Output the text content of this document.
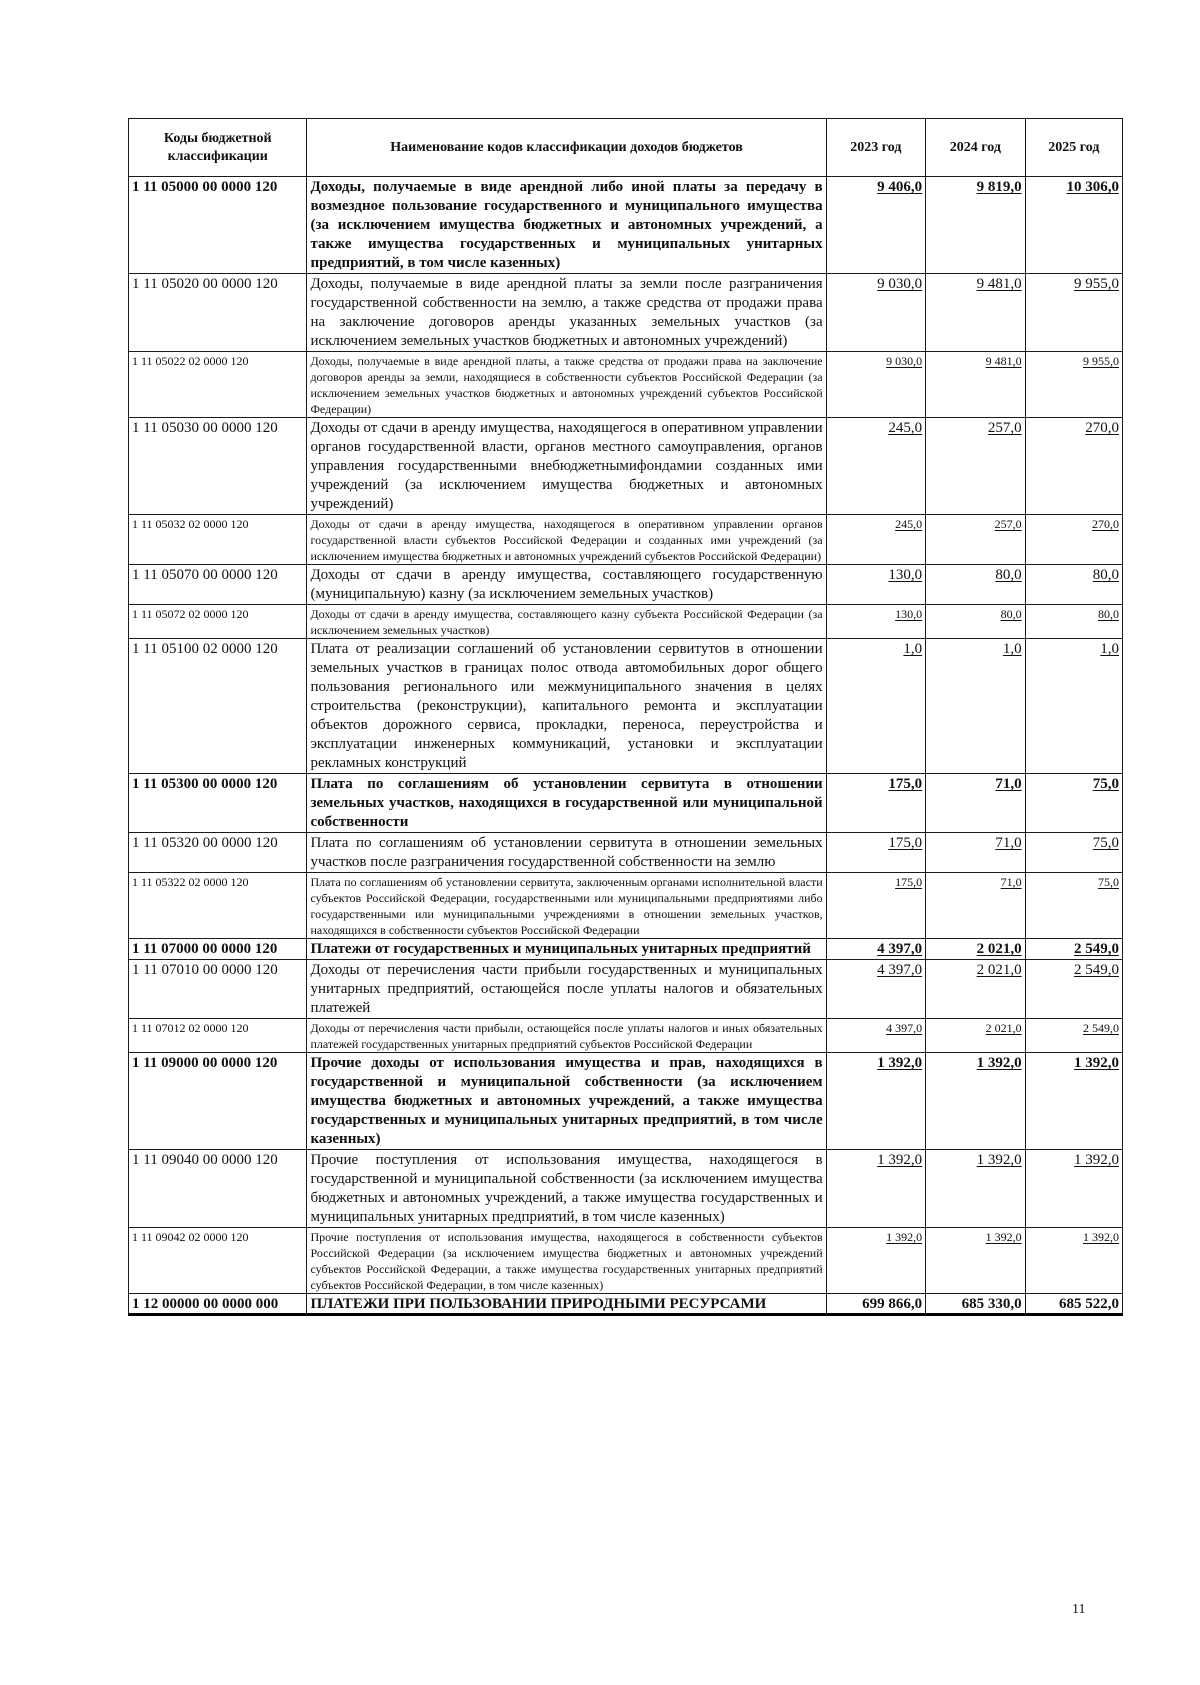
Коды бюджетной классификации	Наименование кодов классификации доходов бюджетов	2023 год	2024 год	2025 год
1 11 05000 00 0000 120	Доходы, получаемые в виде арендной либо иной платы за передачу в возмездное пользование государственного и муниципального имущества (за исключением имущества бюджетных и автономных учреждений, а также имущества государственных и муниципальных унитарных предприятий, в том числе казенных)	9 406,0	9 819,0	10 306,0
1 11 05020 00 0000 120	Доходы, получаемые в виде арендной платы за земли после разграничения государственной собственности на землю, а также средства от продажи права на заключение договоров аренды указанных земельных участков (за исключением земельных участков бюджетных и автономных учреждений)	9 030,0	9 481,0	9 955,0
1 11 05022 02 0000 120	Доходы, получаемые в виде арендной платы, а также средства от продажи права на заключение договоров аренды за земли, находящиеся в собственности субъектов Российской Федерации (за исключением земельных участков бюджетных и автономных учреждений субъектов Российской Федерации)	9 030,0	9 481,0	9 955,0
1 11 05030 00 0000 120	Доходы от сдачи в аренду имущества, находящегося в оперативном управлении органов государственной власти, органов местного самоуправления, органов управления государственными внебюджетнымифондамии созданных ими учреждений (за исключением имущества бюджетных и автономных учреждений)	245,0	257,0	270,0
1 11 05032 02 0000 120	Доходы от сдачи в аренду имущества, находящегося в оперативном управлении органов государственной власти субъектов Российской Федерации и созданных ими учреждений (за исключением имущества бюджетных и автономных учреждений субъектов Российской Федерации)	245,0	257,0	270,0
1 11 05070 00 0000 120	Доходы от сдачи в аренду имущества, составляющего государственную (муниципальную) казну (за исключением земельных участков)	130,0	80,0	80,0
1 11 05072 02 0000 120	Доходы от сдачи в аренду имущества, составляющего казну субъекта Российской Федерации (за исключением земельных участков)	130,0	80,0	80,0
1 11 05100 02 0000 120	Плата от реализации соглашений об установлении сервитутов в отношении земельных участков в границах полос отвода автомобильных дорог общего пользования регионального или межмуниципального значения в целях строительства (реконструкции), капитального ремонта и эксплуатации объектов дорожного сервиса, прокладки, переноса, переустройства и эксплуатации инженерных коммуникаций, установки и эксплуатации рекламных конструкций	1,0	1,0	1,0
1 11 05300 00 0000 120	Плата по соглашениям об установлении сервитута в отношении земельных участков, находящихся в государственной или муниципальной собственности	175,0	71,0	75,0
1 11 05320 00 0000 120	Плата по соглашениям об установлении сервитута в отношении земельных участков после разграничения государственной собственности на землю	175,0	71,0	75,0
1 11 05322 02 0000 120	Плата по соглашениям об установлении сервитута, заключенным органами исполнительной власти субъектов Российской Федерации, государственными или муниципальными предприятиями либо государственными или муниципальными учреждениями в отношении земельных участков, находящихся в собственности субъектов Российской Федерации	175,0	71,0	75,0
1 11 07000 00 0000 120	Платежи от государственных и муниципальных унитарных предприятий	4 397,0	2 021,0	2 549,0
1 11 07010 00 0000 120	Доходы от перечисления части прибыли государственных и муниципальных унитарных предприятий, остающейся после уплаты налогов и обязательных платежей	4 397,0	2 021,0	2 549,0
1 11 07012 02 0000 120	Доходы от перечисления части прибыли, остающейся после уплаты налогов и иных обязательных платежей государственных унитарных предприятий субъектов Российской Федерации	4 397,0	2 021,0	2 549,0
1 11 09000 00 0000 120	Прочие доходы от использования имущества и прав, находящихся в государственной и муниципальной собственности (за исключением имущества бюджетных и автономных учреждений, а также имущества государственных и муниципальных унитарных предприятий, в том числе казенных)	1 392,0	1 392,0	1 392,0
1 11 09040 00 0000 120	Прочие поступления от использования имущества, находящегося в государственной и муниципальной собственности (за исключением имущества бюджетных и автономных учреждений, а также имущества государственных и муниципальных унитарных предприятий, в том числе казенных)	1 392,0	1 392,0	1 392,0
1 11 09042 02 0000 120	Прочие поступления от использования имущества, находящегося в собственности субъектов Российской Федерации (за исключением имущества бюджетных и автономных учреждений субъектов Российской Федерации, а также имущества государственных унитарных предприятий субъектов Российской Федерации, в том числе казенных)	1 392,0	1 392,0	1 392,0
1 12 00000 00 0000 000	ПЛАТЕЖИ ПРИ ПОЛЬЗОВАНИИ ПРИРОДНЫМИ РЕСУРСАМИ	699 866,0	685 330,0	685 522,0
11
